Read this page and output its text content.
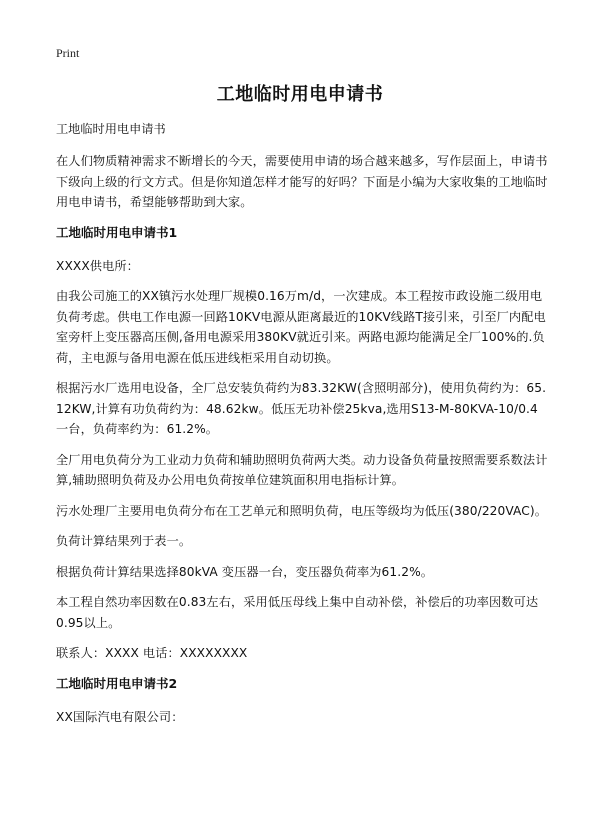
Print
工地临时用电申请书
工地临时用电申请书

在人们物质精神需求不断增长的今天，需要使用申请的场合越来越多，写作层面上，申请书下级向上级的行文方式。但是你知道怎样才能写的好吗？下面是小编为大家收集的工地临时用电申请书，希望能够帮助到大家。

工地临时用电申请书1

XXXX供电所：

由我公司施工的XX镇污水处理厂规模0.16万m/d，一次建成。本工程按市政设施二级用电负荷考虑。供电工作电源一回路10KV电源从距离最近的10KV线路T接引来，引至厂内配电室旁杆上变压器高压侧,备用电源采用380KV就近引来。两路电源均能满足全厂100%的.负荷，主电源与备用电源在低压进线柜采用自动切换。

根据污水厂选用电设备，全厂总安装负荷约为83.32KW(含照明部分)，使用负荷约为：65.12KW,计算有功负荷约为：48.62kw。低压无功补偿25kva,选用S13-M-80KVA-10/0.4一台，负荷率约为：61.2%。

全厂用电负荷分为工业动力负荷和辅助照明负荷两大类。动力设备负荷量按照需要系数法计算,辅助照明负荷及办公用电负荷按单位建筑面积用电指标计算。

污水处理厂主要用电负荷分布在工艺单元和照明负荷，电压等级均为低压(380/220VAC)。

负荷计算结果列于表一。

根据负荷计算结果选择80kVA 变压器一台，变压器负荷率为61.2%。

本工程自然功率因数在0.83左右，采用低压母线上集中自动补偿，补偿后的功率因数可达0.95以上。

联系人：XXXX 电话：XXXXXXXX

工地临时用电申请书2

XX国际汽电有限公司：
